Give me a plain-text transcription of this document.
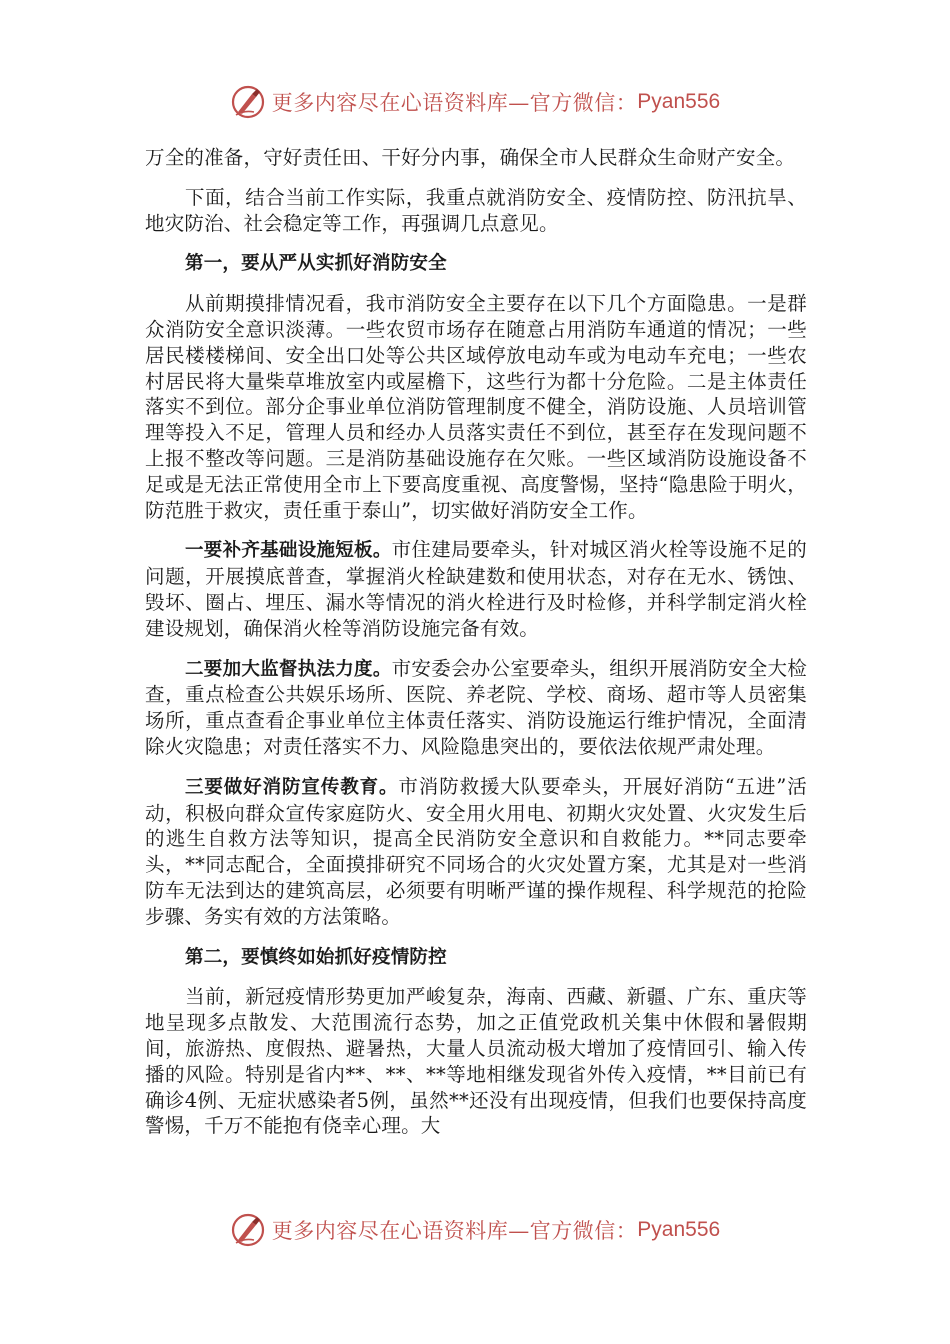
更多内容尽在心语资料库—官方微信： Pyan556

万全的准备，守好责任田、干好分内事，确保全市人民群众生命财产安全。

下面，结合当前工作实际，我重点就消防安全、疫情防控、防汛抗旱、地灾防治、社会稳定等工作，再强调几点意见。

第一，要从严从实抓好消防安全

从前期摸排情况看，我市消防安全主要存在以下几个方面隐患。一是群众消防安全意识淡薄。一些农贸市场存在随意占用消防车通道的情况；一些居民楼楼梯间、安全出口处等公共区域停放电动车或为电动车充电；一些农村居民将大量柴草堆放室内或屋檐下，这些行为都十分危险。二是主体责任落实不到位。部分企事业单位消防管理制度不健全，消防设施、人员培训管理等投入不足，管理人员和经办人员落实责任不到位，甚至存在发现问题不上报不整改等问题。三是消防基础设施存在欠账。一些区域消防设施设备不足或是无法正常使用全市上下要高度重视、高度警惕，坚持“隐患险于明火，防范胜于救灾，责任重于泰山”，切实做好消防安全工作。

一要补齐基础设施短板。市住建局要牵头，针对城区消火栓等设施不足的问题，开展摸底普查，掌握消火栓缺建数和使用状态，对存在无水、锈蚀、毁坏、圈占、埋压、漏水等情况的消火栓进行及时检修，并科学制定消火栓建设规划，确保消火栓等消防设施完备有效。

二要加大监督执法力度。市安委会办公室要牵头，组织开展消防安全大检查，重点检查公共娱乐场所、医院、养老院、学校、商场、超市等人员密集场所，重点查看企事业单位主体责任落实、消防设施运行维护情况，全面清除火灾隐患；对责任落实不力、风险隐患突出的，要依法依规严肃处理。

三要做好消防宣传教育。市消防救援大队要牵头，开展好消防“五进”活动，积极向群众宣传家庭防火、安全用火用电、初期火灾处置、火灾发生后的逃生自救方法等知识，提高全民消防安全意识和自救能力。**同志要牵头，**同志配合，全面摸排研究不同场合的火灾处置方案，尤其是对一些消防车无法到达的建筑高层，必须要有明晰严谨的操作规程、科学规范的抢险步骤、务实有效的方法策略。

第二，要慎终如始抓好疫情防控

当前，新冠疫情形势更加严峻复杂，海南、西藏、新疆、广东、重庆等地呈现多点散发、大范围流行态势，加之正值党政机关集中休假和暑假期间，旅游热、度假热、避暑热，大量人员流动极大增加了疫情回引、输入传播的风险。特别是省内**、**、**等地相继发现省外传入疫情，**目前已有确诊4例、无症状感染者5例，虽然**还没有出现疫情，但我们也要保持高度警惕，千万不能抱有侥幸心理。大

更多内容尽在心语资料库—官方微信： Pyan556
